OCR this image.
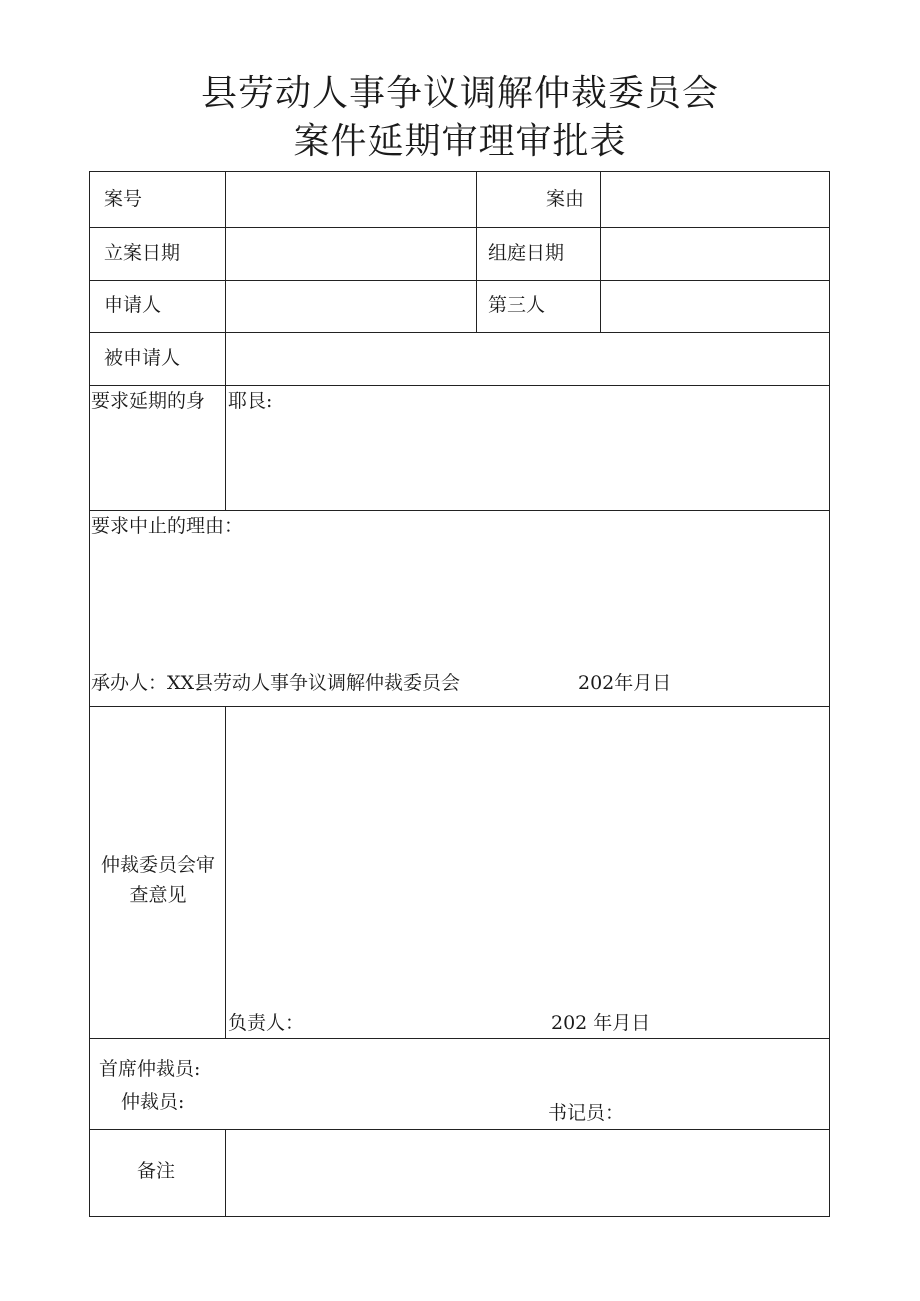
县劳动人事争议调解仲裁委员会
案件延期审理审批表
案号	案由
立案日期	组庭日期
申请人	第三人
被申请人
要求延期的身 耶艮:
要求中止的理由：
承办人：XX县劳动人事争议调解仲裁委员会	202年月日
仲裁委员会审
查意见
负责人：	202 年月日
首席仲裁员:
仲裁员:	书记员：
备注
